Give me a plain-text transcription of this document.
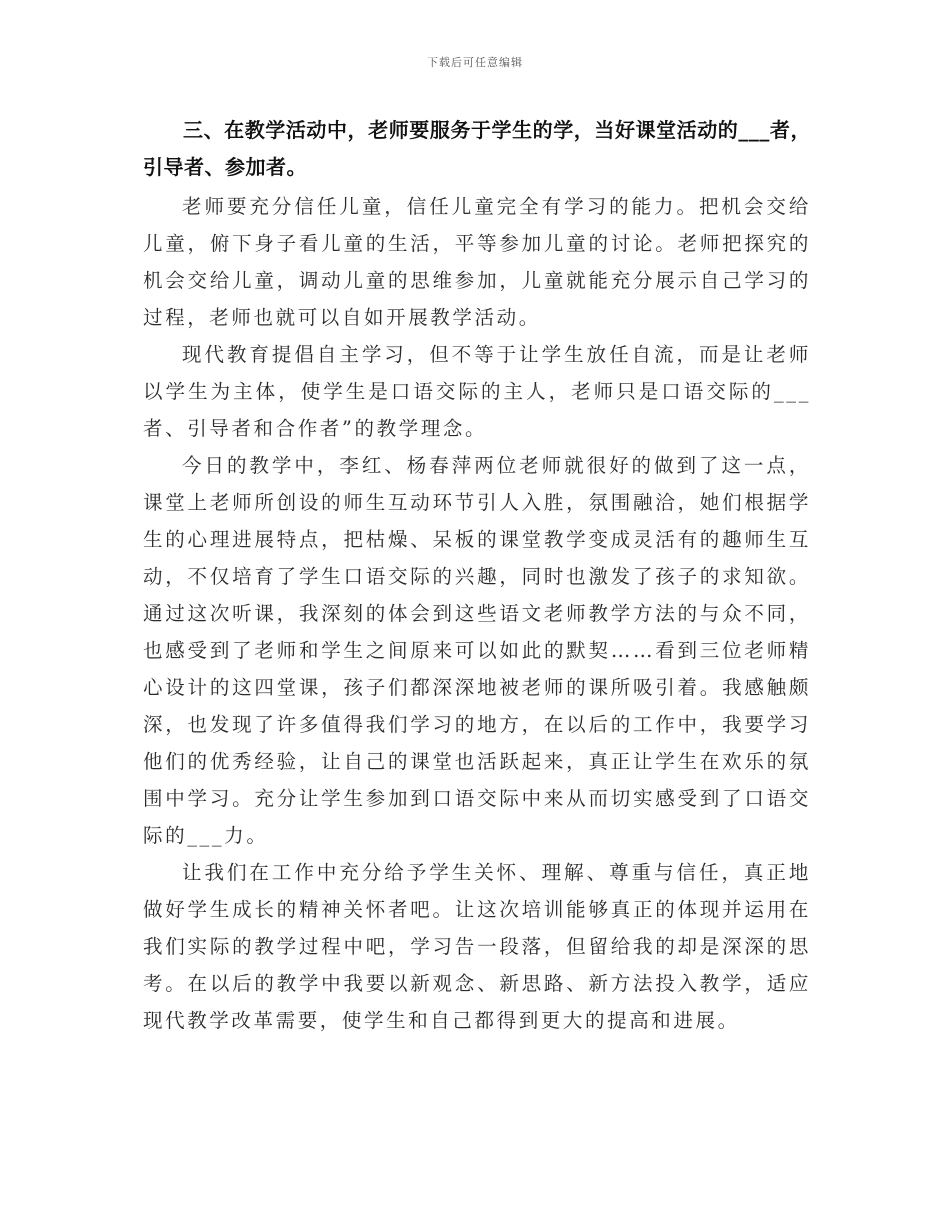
下载后可任意编辑

三、在教学活动中，老师要服务于学生的学，当好课堂活动的___者，引导者、参加者。

老师要充分信任儿童，信任儿童完全有学习的能力。把机会交给儿童，俯下身子看儿童的生活，平等参加儿童的讨论。老师把探究的机会交给儿童，调动儿童的思维参加，儿童就能充分展示自己学习的过程，老师也就可以自如开展教学活动。

现代教育提倡自主学习，但不等于让学生放任自流，而是让老师以学生为主体，使学生是口语交际的主人，老师只是口语交际的___者、引导者和合作者”的教学理念。

今日的教学中，李红、杨春萍两位老师就很好的做到了这一点，课堂上老师所创设的师生互动环节引人入胜，氛围融洽，她们根据学生的心理进展特点，把枯燥、呆板的课堂教学变成灵活有的趣师生互动，不仅培育了学生口语交际的兴趣，同时也激发了孩子的求知欲。通过这次听课，我深刻的体会到这些语文老师教学方法的与众不同，也感受到了老师和学生之间原来可以如此的默契……看到三位老师精心设计的这四堂课，孩子们都深深地被老师的课所吸引着。我感触颇深，也发现了许多值得我们学习的地方，在以后的工作中，我要学习他们的优秀经验，让自己的课堂也活跃起来，真正让学生在欢乐的氛围中学习。充分让学生参加到口语交际中来从而切实感受到了口语交际的___力。

让我们在工作中充分给予学生关怀、理解、尊重与信任，真正地做好学生成长的精神关怀者吧。让这次培训能够真正的体现并运用在我们实际的教学过程中吧，学习告一段落，但留给我的却是深深的思考。在以后的教学中我要以新观念、新思路、新方法投入教学，适应现代教学改革需要，使学生和自己都得到更大的提高和进展。
